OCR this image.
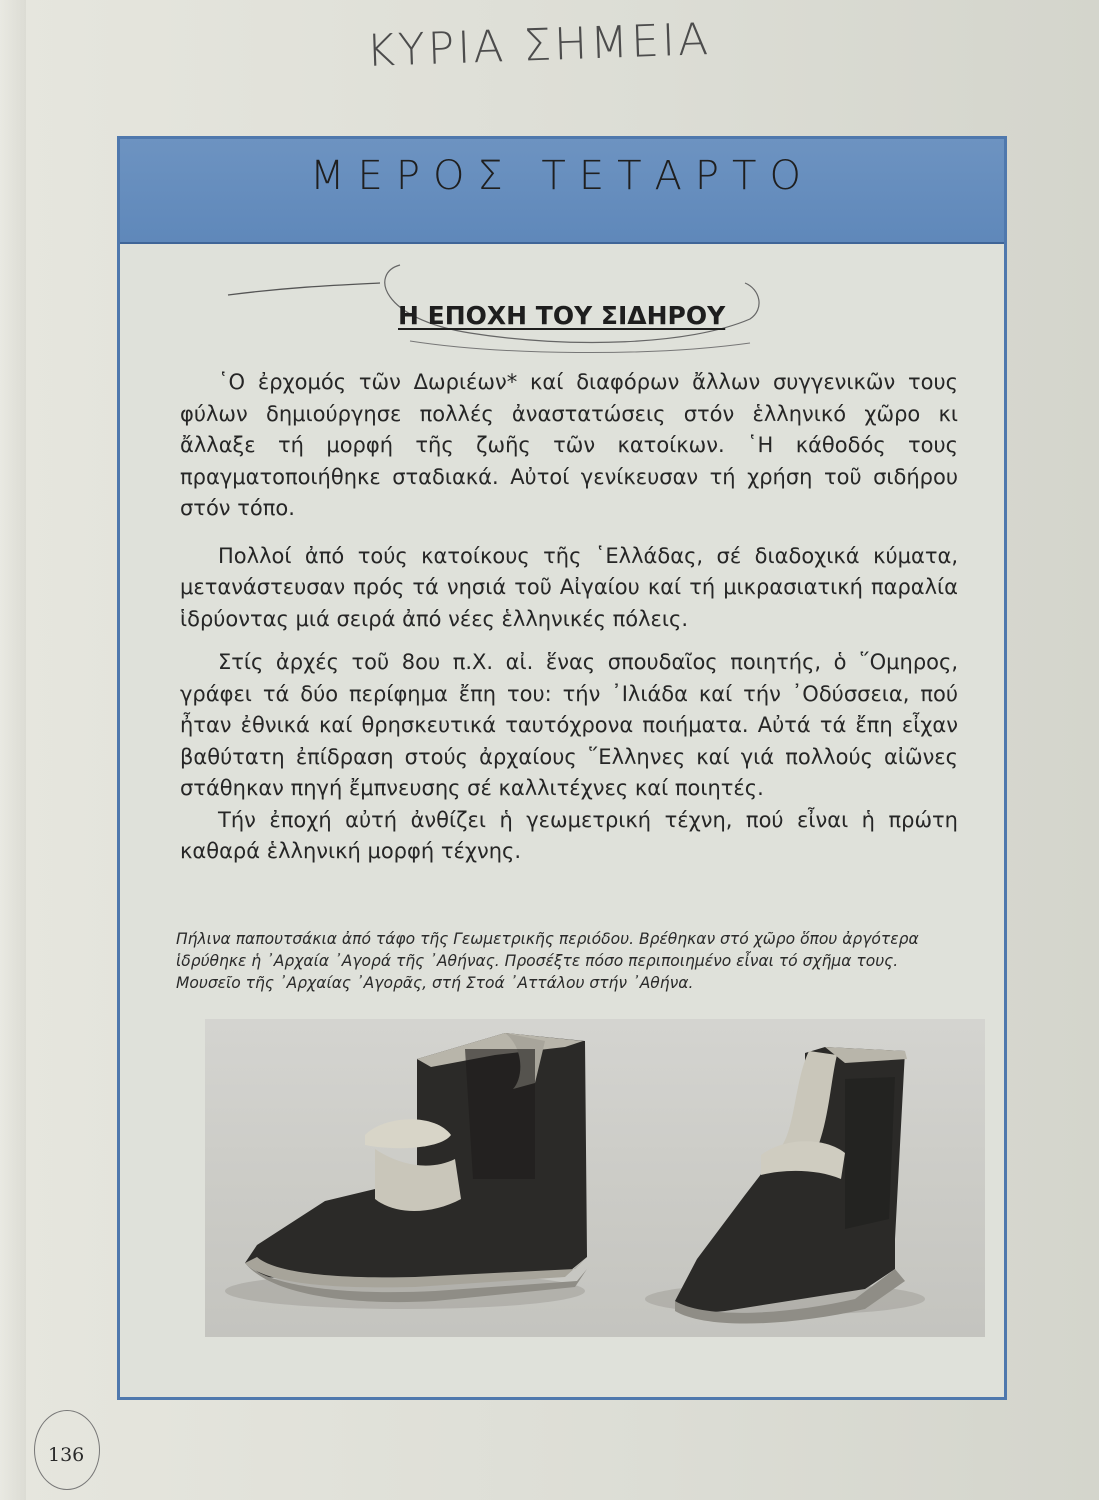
ΚΥΡΙΑ ΣΗΜΕΙΑ
ΜΕΡΟΣ ΤΕΤΑΡΤΟ
Η ΕΠΟΧΗ ΤΟΥ ΣΙΔΗΡΟΥ

῾Ο ἐρχομός τῶν Δωριέων* καί διαφόρων ἄλλων συγγενικῶν τους φύλων δημιούργησε πολλές ἀναστατώσεις στόν ἑλληνικό χῶρο κι ἄλλαξε τή μορφή τῆς ζωῆς τῶν κατοίκων. ῾Η κάθοδός τους πραγματοποιήθηκε σταδιακά. Αὐτοί γενίκευσαν τή χρήση τοῦ σιδήρου στόν τόπο.

Πολλοί ἀπό τούς κατοίκους τῆς ῾Ελλάδας, σέ διαδοχικά κύματα, μετανάστευσαν πρός τά νησιά τοῦ Αἰγαίου καί τή μικρασιατική παραλία ἱδρύοντας μιά σειρά ἀπό νέες ἑλληνικές πόλεις.

Στίς ἀρχές τοῦ 8ου π.Χ. αἰ. ἕνας σπουδαῖος ποιητής, ὁ ῞Ομηρος, γράφει τά δύο περίφημα ἔπη του: τήν ᾿Ιλιάδα καί τήν ᾿Οδύσσεια, πού ἦταν ἐθνικά καί θρησκευτικά ταυτόχρονα ποιήματα. Αὐτά τά ἔπη εἶχαν βαθύτατη ἐπίδραση στούς ἀρχαίους ῞Ελληνες καί γιά πολλούς αἰῶνες στάθηκαν πηγή ἔμπνευσης σέ καλλιτέχνες καί ποιητές.

Τήν ἐποχή αὐτή ἀνθίζει ἡ γεωμετρική τέχνη, πού εἶναι ἡ πρώτη καθαρά ἑλληνική μορφή τέχνης.

Πήλινα παπουτσάκια ἀπό τάφο τῆς Γεωμετρικῆς περιόδου. Βρέθηκαν στό χῶρο ὅπου ἀργότερα ἱδρύθηκε ἡ ᾿Αρχαία ᾿Αγορά τῆς ᾿Αθήνας. Προσέξτε πόσο περιποιημένο εἶναι τό σχῆμα τους. Μουσεῖο τῆς ᾿Αρχαίας ᾿Αγορᾶς, στή Στοά ᾿Αττάλου στήν ᾿Αθήνα.
136
